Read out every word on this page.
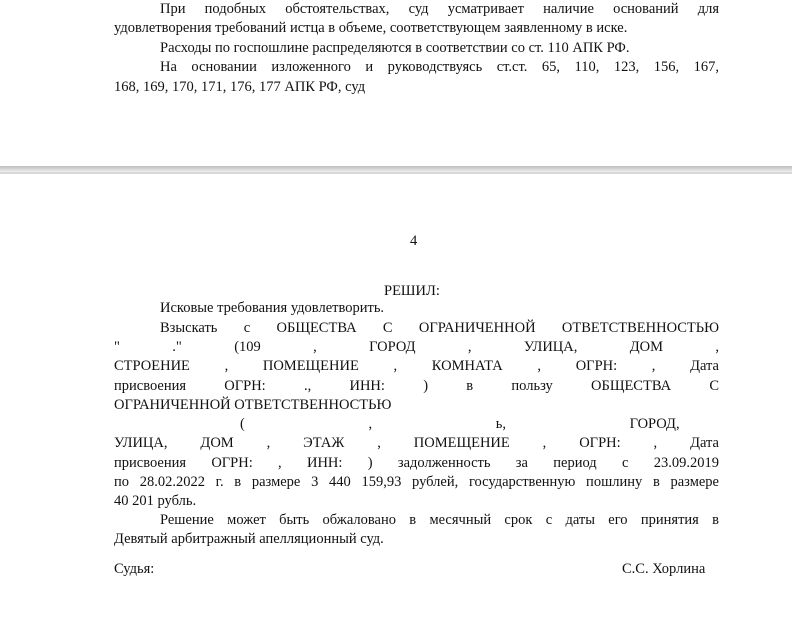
При подобных обстоятельствах, суд усматривает наличие оснований для
удовлетворения требований истца в объеме, соответствующем заявленному в иске.
Расходы по госпошлине распределяются в соответствии со ст. 110 АПК РФ.
На основании изложенного и руководствуясь ст.ст. 65, 110, 123, 156, 167,
168, 169, 170, 171, 176, 177 АПК РФ, суд
4
РЕШИЛ:
Исковые требования удовлетворить.
Взыскать с ОБЩЕСТВА С ОГРАНИЧЕННОЙ ОТВЕТСТВЕННОСТЬЮ
" ." (109 , ГОРОД , УЛИЦА, ДОМ ,
СТРОЕНИЕ , ПОМЕЩЕНИЕ , КОМНАТА , ОГРН: , Дата
присвоения ОГРН: ., ИНН: ) в пользу ОБЩЕСТВА С
ОГРАНИЧЕННОЙ ОТВЕТСТВЕННОСТЬЮ
( , ь, ГОРОД,
УЛИЦА, ДОМ , ЭТАЖ , ПОМЕЩЕНИЕ , ОГРН: , Дата
присвоения ОГРН: , ИНН: ) задолженность за период с 23.09.2019
по 28.02.2022 г. в размере 3 440 159,93 рублей, государственную пошлину в размере
40 201 рубль.
Решение может быть обжаловано в месячный срок с даты его принятия в
Девятый арбитражный апелляционный суд.
Судья:	С.С. Хорлина
